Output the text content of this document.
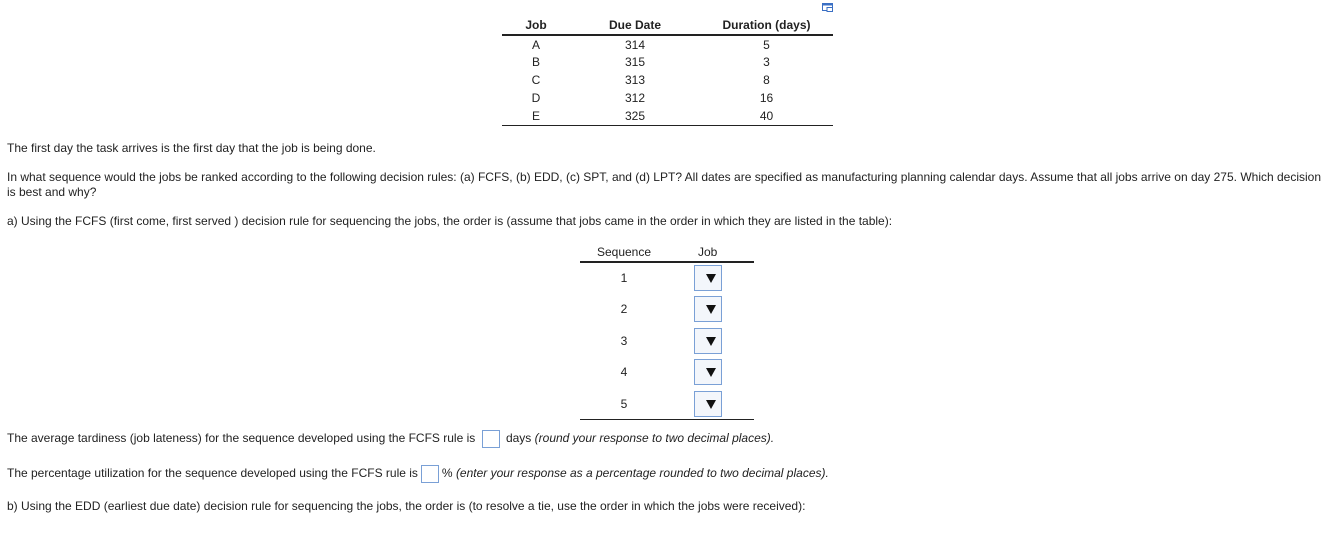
Job	Due Date	Duration (days)
A	314	5
B	315	3
C	313	8
D	312	16
E	325	40

The first day the task arrives is the first day that the job is being done.

In what sequence would the jobs be ranked according to the following decision rules: (a) FCFS, (b) EDD, (c) SPT, and (d) LPT? All dates are specified as manufacturing planning calendar days. Assume that all jobs arrive on day 275. Which decision is best and why?

a) Using the FCFS (first come, first served ) decision rule for sequencing the jobs, the order is (assume that jobs came in the order in which they are listed in the table):

Sequence	Job
1	

2	

3	

4	

5	

The average tardiness (job lateness) for the sequence developed using the FCFS rule is	days (round your response to two decimal places).

The percentage utilization for the sequence developed using the FCFS rule is % (enter your response as a percentage rounded to two decimal places).

b) Using the EDD (earliest due date) decision rule for sequencing the jobs, the order is (to resolve a tie, use the order in which the jobs were received):
